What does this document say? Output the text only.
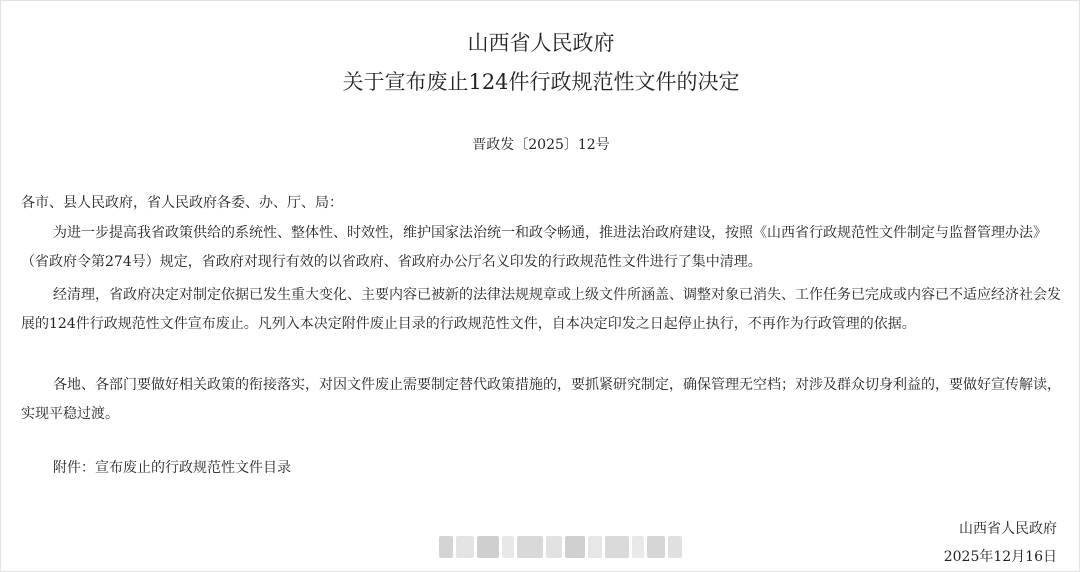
山西省人民政府
关于宣布废止124件行政规范性文件的决定
晋政发〔2025〕12号

各市、县人民政府，省人民政府各委、办、厅、局：

为进一步提高我省政策供给的系统性、整体性、时效性，维护国家法治统一和政令畅通，推进法治政府建设，按照《山西省行政规范性文件制定与监督管理办法》（省政府令第274号）规定，省政府对现行有效的以省政府、省政府办公厅名义印发的行政规范性文件进行了集中清理。

经清理，省政府决定对制定依据已发生重大变化、主要内容已被新的法律法规规章或上级文件所涵盖、调整对象已消失、工作任务已完成或内容已不适应经济社会发展的124件行政规范性文件宣布废止。凡列入本决定附件废止目录的行政规范性文件，自本决定印发之日起停止执行，不再作为行政管理的依据。

各地、各部门要做好相关政策的衔接落实，对因文件废止需要制定替代政策措施的，要抓紧研究制定，确保管理无空档；对涉及群众切身利益的，要做好宣传解读，实现平稳过渡。

附件：宣布废止的行政规范性文件目录

山西省人民政府
2025年12月16日
